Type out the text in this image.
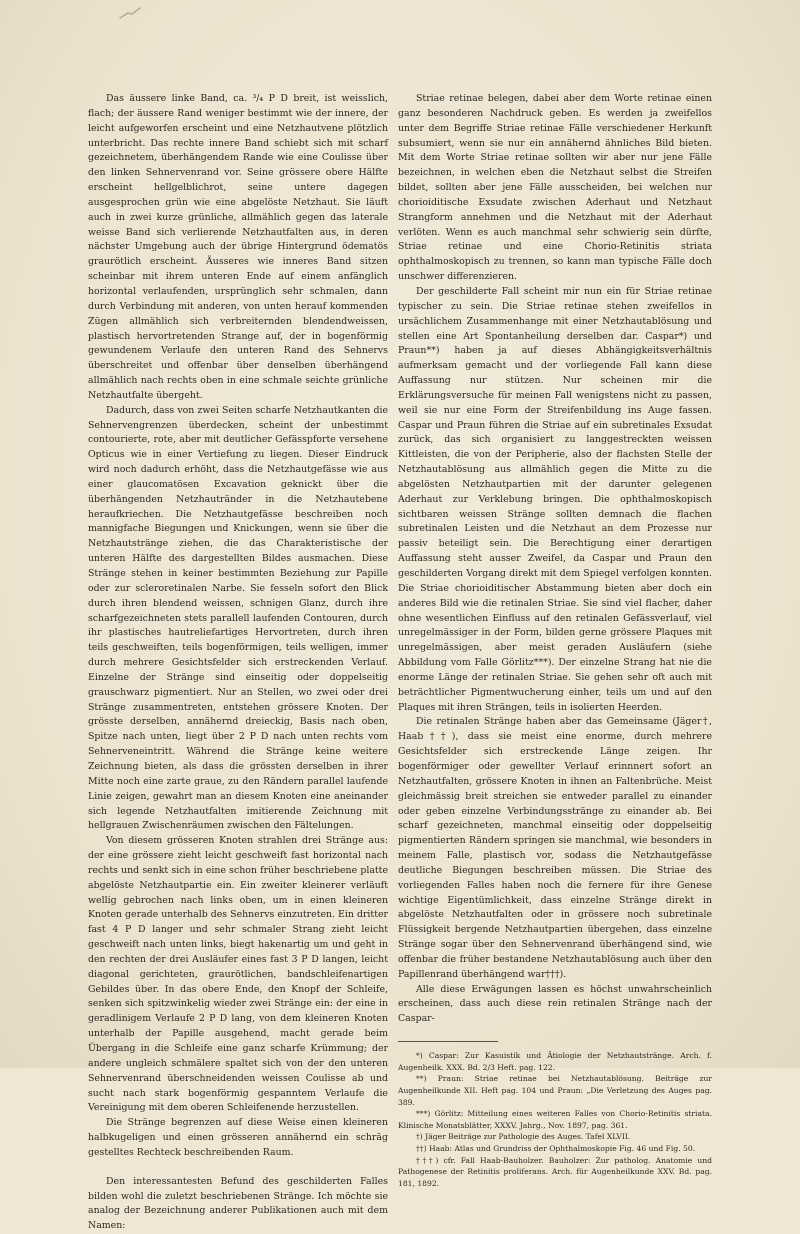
Das äussere linke Band, ca. ³/₄ P D breit, ist weisslich, flach; der äussere Rand weniger bestimmt wie der innere, der leicht aufgeworfen erscheint und eine Netzhautvene plötzlich unterbricht. Das rechte innere Band schiebt sich mit scharf gezeichnetem, überhängendem Rande wie eine Coulisse über den linken Sehnervenrand vor. Seine grössere obere Hälfte erscheint hellgelblichrot, seine untere dagegen ausgesprochen grün wie eine abgelöste Netzhaut. Sie läuft auch in zwei kurze grünliche, allmählich gegen das laterale weisse Band sich verlierende Netzhautfalten aus, in deren nächster Umgebung auch der übrige Hintergrund ödematös graurötlich erscheint. Äusseres wie inneres Band sitzen scheinbar mit ihrem unteren Ende auf einem anfänglich horizontal verlaufenden, ursprünglich sehr schmalen, dann durch Verbindung mit anderen, von unten herauf kommenden Zügen allmählich sich verbreiternden blendendweissen, plastisch hervortretenden Strange auf, der in bogenförmig gewundenem Verlaufe den unteren Rand des Sehnervs überschreitet und offenbar über denselben überhängend allmählich nach rechts oben in eine schmale seichte grünliche Netzhautfalte übergeht.

Dadurch, dass von zwei Seiten scharfe Netzhautkanten die Sehnervengrenzen überdecken, scheint der unbestimmt contourierte, rote, aber mit deutlicher Gefässpforte versehene Opticus wie in einer Vertiefung zu liegen. Dieser Eindruck wird noch dadurch erhöht, dass die Netzhautgefässe wie aus einer glaucomatösen Excavation geknickt über die überhängenden Netzhautränder in die Netzhautebene heraufkriechen. Die Netzhautgefässe beschreiben noch mannigfache Biegungen und Knickungen, wenn sie über die Netzhautstränge ziehen, die das Charakteristische der unteren Hälfte des dargestellten Bildes ausmachen. Diese Stränge stehen in keiner bestimmten Beziehung zur Papille oder zur scleroretinalen Narbe. Sie fesseln sofort den Blick durch ihren blendend weissen, schnigen Glanz, durch ihre scharfgezeichneten stets parallell laufenden Contouren, durch ihr plastisches hautreliefartiges Hervortreten, durch ihren teils geschweiften, teils bogenförmigen, teils welligen, immer durch mehrere Gesichtsfelder sich erstreckenden Verlauf. Einzelne der Stränge sind einseitig oder doppelseitig grauschwarz pigmentiert. Nur an Stellen, wo zwei oder drei Stränge zusammentreten, entstehen grössere Knoten. Der grösste derselben, annähernd dreieckig, Basis nach oben, Spitze nach unten, liegt über 2 P D nach unten rechts vom Sehnerveneintritt. Während die Stränge keine weitere Zeichnung bieten, als dass die grössten derselben in ihrer Mitte noch eine zarte graue, zu den Rändern parallel laufende Linie zeigen, gewahrt man an diesem Knoten eine aneinander sich legende Netzhautfalten imitierende Zeichnung mit hellgrauen Zwischenräumen zwischen den Fältelungen.

Von diesem grösseren Knoten strahlen drei Stränge aus: der eine grössere zieht leicht geschweift fast horizontal nach rechts und senkt sich in eine schon früher beschriebene platte abgelöste Netzhautpartie ein. Ein zweiter kleinerer verläuft wellig gebrochen nach links oben, um in einen kleineren Knoten gerade unterhalb des Sehnervs einzutreten. Ein dritter fast 4 P D langer und sehr schmaler Strang zieht leicht geschweift nach unten links, biegt hakenartig um und geht in den rechten der drei Ausläufer eines fast 3 P D langen, leicht diagonal gerichteten, graurötlichen, bandschleifenartigen Gebildes über. In das obere Ende, den Knopf der Schleife, senken sich spitzwinkelig wieder zwei Stränge ein: der eine in geradlinigem Verlaufe 2 P D lang, von dem kleineren Knoten unterhalb der Papille ausgehend, macht gerade beim Übergang in die Schleife eine ganz scharfe Krümmung; der andere ungleich schmälere spaltet sich von der den unteren Sehnervenrand überschneidenden weissen Coulisse ab und sucht nach stark bogenförmig gespanntem Verlaufe die Vereinigung mit dem oberen Schleifenende herzustellen.

Die Stränge begrenzen auf diese Weise einen kleineren halbkugeligen und einen grösseren annähernd ein schräg gestelltes Rechteck beschreibenden Raum.

Den interessantesten Befund des geschilderten Falles bilden wohl die zuletzt beschriebenen Stränge. Ich möchte sie analog der Bezeichnung anderer Publikationen auch mit dem Namen:

Striae retinae belegen, dabei aber dem Worte retinae einen ganz besonderen Nachdruck geben. Es werden ja zweifellos unter dem Begriffe Striae retinae Fälle verschiedener Herkunft subsumiert, wenn sie nur ein annähernd ähnliches Bild bieten. Mit dem Worte Striae retinae sollten wir aber nur jene Fälle bezeichnen, in welchen eben die Netzhaut selbst die Streifen bildet, sollten aber jene Fälle ausscheiden, bei welchen nur chorioiditische Exsudate zwischen Aderhaut und Netzhaut Strangform annehmen und die Netzhaut mit der Aderhaut verlöten. Wenn es auch manchmal sehr schwierig sein dürfte, Striae retinae und eine Chorio-Retinitis striata ophthalmoskopisch zu trennen, so kann man typische Fälle doch unschwer differenzieren.

Der geschilderte Fall scheint mir nun ein für Striae retinae typischer zu sein. Die Striae retinae stehen zweifellos in ursächlichem Zusammenhange mit einer Netzhautablösung und stellen eine Art Spontanheilung derselben dar. Caspar*) und Praun**) haben ja auf dieses Abhängigkeitsverhältnis aufmerksam gemacht und der vorliegende Fall kann diese Auffassung nur stützen. Nur scheinen mir die Erklärungsversuche für meinen Fall wenigstens nicht zu passen, weil sie nur eine Form der Streifenbildung ins Auge fassen. Caspar und Praun führen die Striae auf ein subretinales Exsudat zurück, das sich organisiert zu langgestreckten weissen Kittleisten, die von der Peripherie, also der flachsten Stelle der Netzhautablösung aus allmählich gegen die Mitte zu die abgelösten Netzhautpartien mit der darunter gelegenen Aderhaut zur Verklebung bringen. Die ophthalmoskopisch sichtbaren weissen Stränge sollten demnach die flachen subretinalen Leisten und die Netzhaut an dem Prozesse nur passiv beteiligt sein. Die Berechtigung einer derartigen Auffassung steht ausser Zweifel, da Caspar und Praun den geschilderten Vorgang direkt mit dem Spiegel verfolgen konnten. Die Striae chorioiditischer Abstammung bieten aber doch ein anderes Bild wie die retinalen Striae. Sie sind viel flacher, daher ohne wesentlichen Einfluss auf den retinalen Gefässverlauf, viel unregelmässiger in der Form, bilden gerne grössere Plaques mit unregelmässigen, aber meist geraden Ausläufern (siehe Abbildung vom Falle Görlitz***). Der einzelne Strang hat nie die enorme Länge der retinalen Striae. Sie gehen sehr oft auch mit beträchtlicher Pigmentwucherung einher, teils um und auf den Plaques mit ihren Strängen, teils in isolierten Heerden.

Die retinalen Stränge haben aber das Gemeinsame (Jäger†, Haab††), dass sie meist eine enorme, durch mehrere Gesichtsfelder sich erstreckende Länge zeigen. Ihr bogenförmiger oder gewellter Verlauf erinnnert sofort an Netzhautfalten, grössere Knoten in ihnen an Faltenbrüche. Meist gleichmässig breit streichen sie entweder parallel zu einander oder geben einzelne Verbindungsstränge zu einander ab. Bei scharf gezeichneten, manchmal einseitig oder doppelseitig pigmentierten Rändern springen sie manchmal, wie besonders in meinem Falle, plastisch vor, sodass die Netzhautgefässe deutliche Biegungen beschreiben müssen. Die Striae des vorliegenden Falles haben noch die fernere für ihre Genese wichtige Eigentümlichkeit, dass einzelne Stränge direkt in abgelöste Netzhautfalten oder in grössere noch subretinale Flüssigkeit bergende Netzhautpartien übergehen, dass einzelne Stränge sogar über den Sehnervenrand überhängend sind, wie offenbar die früher bestandene Netzhautablösung auch über den Papillenrand überhängend war†††).

Alle diese Erwägungen lassen es höchst unwahrscheinlich erscheinen, dass auch diese rein retinalen Stränge nach der Caspar-

*) Caspar: Zur Kasuistik und Ätiologie der Netzhautstränge. Arch. f. Augenheilk. XXX. Bd. 2/3 Heft. pag. 122.

**) Praun: Striae retinae bei Netzhautablösung. Beiträge zur Augenheilkunde XII. Heft pag. 104 und Praun: „Die Verletzung des Auges pag. 389.

***) Görlitz: Mitteilung eines weiteren Falles von Chorio-Retinitis striata. Klinische Monatsblätter, XXXV. Jahrg., Nov. 1897, pag. 361.

†) Jäger Beiträge zur Pathologie des Auges. Tafel XLVII.

††) Haab: Atlas und Grundriss der Ophthalmoskopie Fig. 46 und Fig. 50.

†††) cfr. Fall Haab-Bauholzer. Bauholzer: Zur patholog. Anatomie und Pathogenese der Retinitis proliferans. Arch. für Augenheilkunde XXV. Bd. pag. 181, 1892.
